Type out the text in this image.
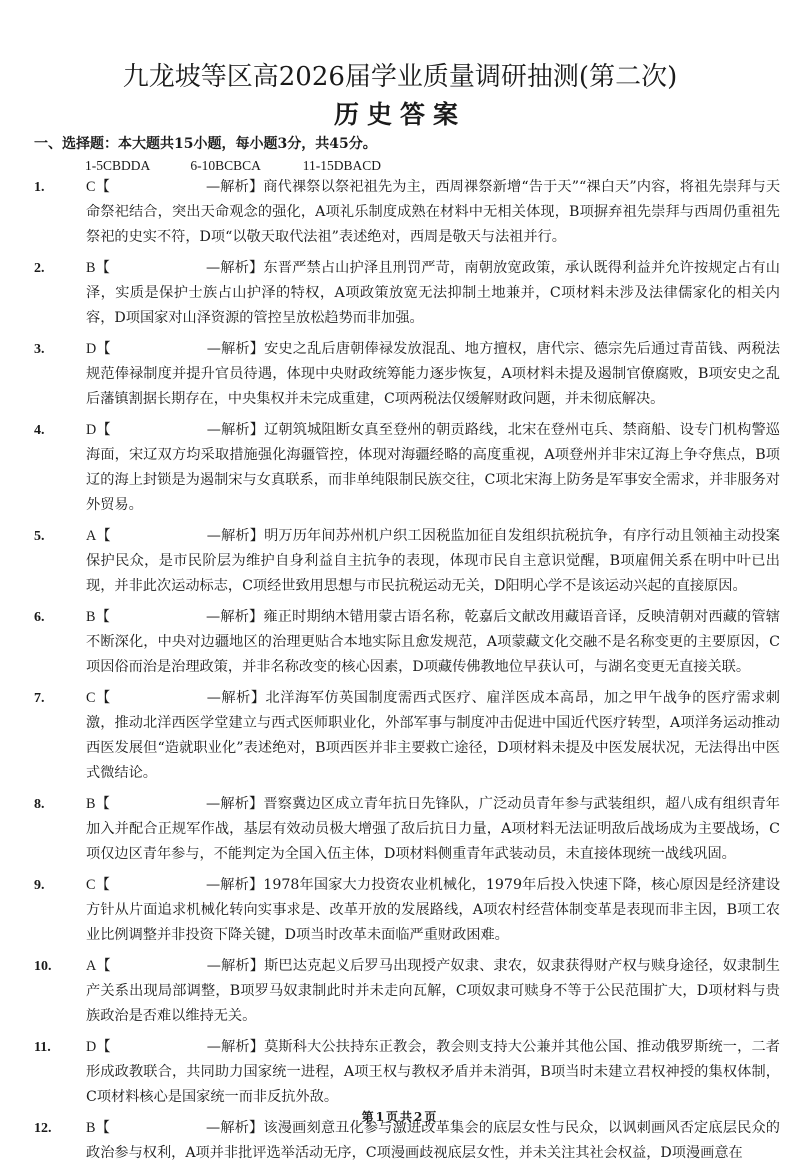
九龙坡等区高2026届学业质量调研抽测(第二次)
历史答案
一、选择题：本大题共15小题，每小题3分，共45分。
1-5CBDDA	6-10BCBCA	11-15DBACD
1.	C【	—解析】商代祼祭以祭祀祖先为主，西周祼祭新增“告于天”“祼白天”内容，将祖先崇拜与天命祭祀结合，突出天命观念的强化，A项礼乐制度成熟在材料中无相关体现，B项摒弃祖先崇拜与西周仍重祖先祭祀的史实不符，D项“以敬天取代法祖”表述绝对，西周是敬天与法祖并行。
2.	B【	—解析】东晋严禁占山护泽且刑罚严苛，南朝放宽政策，承认既得利益并允许按规定占有山泽，实质是保护士族占山护泽的特权，A项政策放宽无法抑制土地兼并，C项材料未涉及法律儒家化的相关内容，D项国家对山泽资源的管控呈放松趋势而非加强。
3.	D【	—解析】安史之乱后唐朝俸禄发放混乱、地方擅权，唐代宗、德宗先后通过青苗钱、两税法规范俸禄制度并提升官员待遇，体现中央财政统筹能力逐步恢复，A项材料未提及遏制官僚腐败，B项安史之乱后藩镇割据长期存在，中央集权并未完成重建，C项两税法仅缓解财政问题，并未彻底解决。
4.	D【	—解析】辽朝筑城阻断女真至登州的朝贡路线，北宋在登州屯兵、禁商船、设专门机构警巡海面，宋辽双方均采取措施强化海疆管控，体现对海疆经略的高度重视，A项登州并非宋辽海上争夺焦点，B项辽的海上封锁是为遏制宋与女真联系，而非单纯限制民族交往，C项北宋海上防务是军事安全需求，并非服务对外贸易。
5.	A【	—解析】明万历年间苏州机户织工因税监加征自发组织抗税抗争，有序行动且领袖主动投案保护民众，是市民阶层为维护自身利益自主抗争的表现，体现市民自主意识觉醒，B项雇佣关系在明中叶已出现，并非此次运动标志，C项经世致用思想与市民抗税运动无关，D阳明心学不是该运动兴起的直接原因。
6.	B【	—解析】雍正时期纳木错用蒙古语名称，乾嘉后文献改用藏语音译，反映清朝对西藏的管辖不断深化，中央对边疆地区的治理更贴合本地实际且愈发规范，A项蒙藏文化交融不是名称变更的主要原因，C项因俗而治是治理政策，并非名称改变的核心因素，D项藏传佛教地位早获认可，与湖名变更无直接关联。
7.	C【	—解析】北洋海军仿英国制度需西式医疗、雇洋医成本高昂，加之甲午战争的医疗需求刺激，推动北洋西医学堂建立与西式医师职业化，外部军事与制度冲击促进中国近代医疗转型，A项洋务运动推动西医发展但“造就职业化”表述绝对，B项西医并非主要救亡途径，D项材料未提及中医发展状况，无法得出中医式微结论。
8.	B【	—解析】晋察冀边区成立青年抗日先锋队，广泛动员青年参与武装组织，超八成有组织青年加入并配合正规军作战，基层有效动员极大增强了敌后抗日力量，A项材料无法证明敌后战场成为主要战场，C项仅边区青年参与，不能判定为全国入伍主体，D项材料侧重青年武装动员，未直接体现统一战线巩固。
9.	C【	—解析】1978年国家大力投资农业机械化，1979年后投入快速下降，核心原因是经济建设方针从片面追求机械化转向实事求是、改革开放的发展路线，A项农村经营体制变革是表现而非主因，B项工农业比例调整并非投资下降关键，D项当时改革未面临严重财政困难。
10.	A【	—解析】斯巴达克起义后罗马出现授产奴隶、隶农，奴隶获得财产权与赎身途径，奴隶制生产关系出现局部调整，B项罗马奴隶制此时并未走向瓦解，C项奴隶可赎身不等于公民范围扩大，D项材料与贵族政治是否难以维持无关。
11.	D【	—解析】莫斯科大公扶持东正教会，教会则支持大公兼并其他公国、推动俄罗斯统一，二者形成政教联合，共同助力国家统一进程，A项王权与教权矛盾并未消弭，B项当时未建立君权神授的集权体制，C项材料核心是国家统一而非反抗外敌。
12.	B【	—解析】该漫画刻意丑化参与激进改革集会的底层女性与民众，以讽刺画风否定底层民众的政治参与权利，A项并非批评选举活动无序，C项漫画歧视底层女性，并未关注其社会权益，D项漫画意在
第1页共2页
